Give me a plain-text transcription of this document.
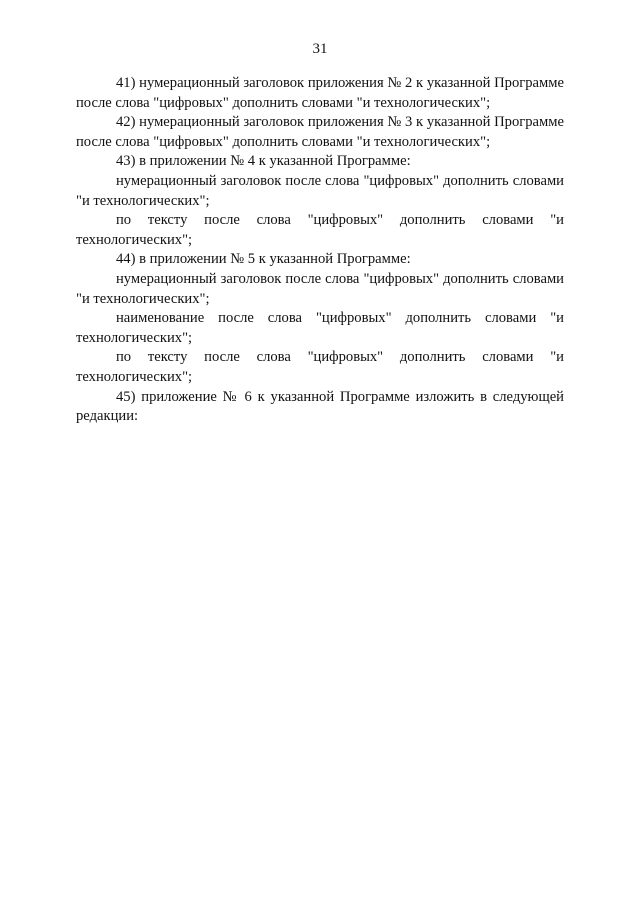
31

41) нумерационный заголовок приложения № 2 к указанной Программе после слова "цифровых" дополнить словами "и технологических";

42) нумерационный заголовок приложения № 3 к указанной Программе после слова "цифровых" дополнить словами "и технологических";

43) в приложении № 4 к указанной Программе:

нумерационный заголовок после слова "цифровых" дополнить словами "и технологических";

по тексту после слова "цифровых" дополнить словами "и технологических";

44) в приложении № 5 к указанной Программе:

нумерационный заголовок после слова "цифровых" дополнить словами "и технологических";

наименование после слова "цифровых" дополнить словами "и технологических";

по тексту после слова "цифровых" дополнить словами "и технологических";

45) приложение № 6 к указанной Программе изложить в следующей редакции:
